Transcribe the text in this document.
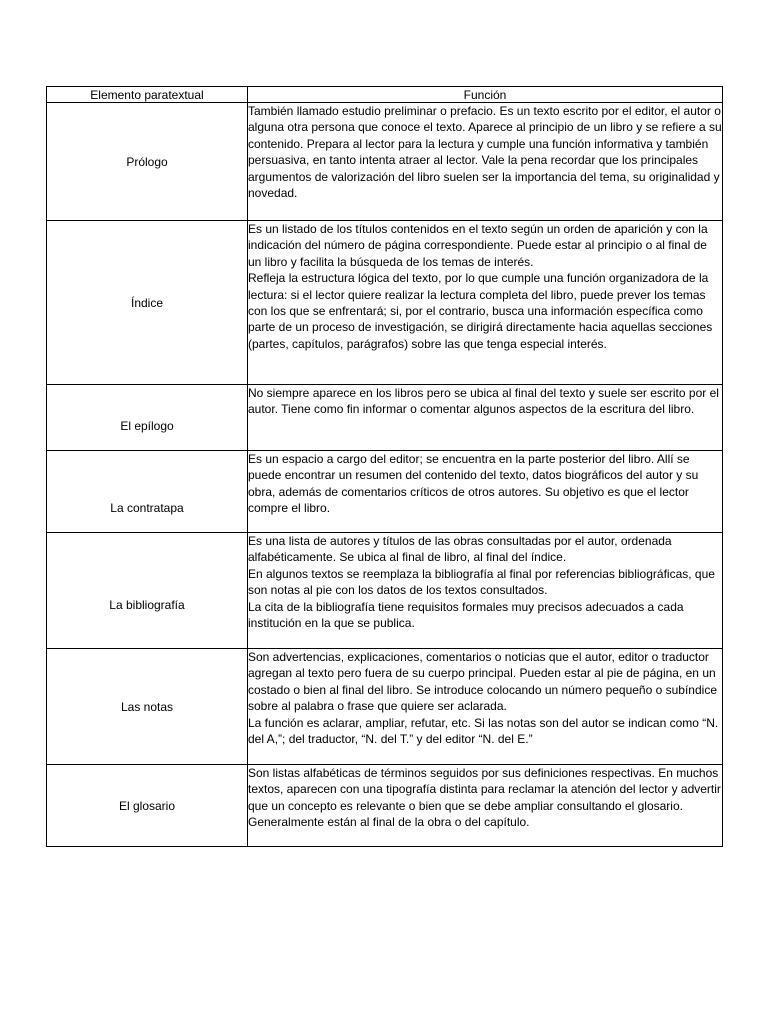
Elemento paratextual	Función
Prólogo	También llamado estudio preliminar o prefacio. Es un texto escrito por el editor, el autor o alguna otra persona que conoce el texto. Aparece al principio de un libro y se refiere a su contenido. Prepara al lector para la lectura y cumple una función informativa y también persuasiva, en tanto intenta atraer al lector. Vale la pena recordar que los principales argumentos de valorización del libro suelen ser la importancia del tema, su originalidad y novedad.
Índice	Es un listado de los títulos contenidos en el texto según un orden de aparición y con la indicación del número de página correspondiente. Puede estar al principio o al final de un libro y facilita la búsqueda de los temas de interés.
Refleja la estructura lógica del texto, por lo que cumple una función organizadora de la lectura: si el lector quiere realizar la lectura completa del libro, puede prever los temas con los que se enfrentará; si, por el contrario, busca una información específica como parte de un proceso de investigación, se dirigirá directamente hacia aquellas secciones (partes, capítulos, parágrafos) sobre las que tenga especial interés.
El epílogo	No siempre aparece en los libros pero se ubica al final del texto y suele ser escrito por el autor. Tiene como fin informar o comentar algunos aspectos de la escritura del libro.
La contratapa	Es un espacio a cargo del editor; se encuentra en la parte posterior del libro. Allí se puede encontrar un resumen del contenido del texto, datos biográficos del autor y su obra, además de comentarios críticos de otros autores. Su objetivo es que el lector compre el libro.
La bibliografía	Es una lista de autores y títulos de las obras consultadas por el autor, ordenada alfabéticamente. Se ubica al final de libro, al final del índice.
En algunos textos se reemplaza la bibliografía al final por referencias bibliográficas, que son notas al pie con los datos de los textos consultados.
La cita de la bibliografía tiene requisitos formales muy precisos adecuados a cada institución en la que se publica.
Las notas	Son advertencias, explicaciones, comentarios o noticias que el autor, editor o traductor agregan al texto pero fuera de su cuerpo principal. Pueden estar al pie de página, en un costado o bien al final del libro. Se introduce colocando un número pequeño o subíndice sobre al palabra o frase que quiere ser aclarada.
La función es aclarar, ampliar, refutar, etc. Si las notas son del autor se indican como “N. del A,”; del traductor, “N. del T.” y del editor “N. del E.”
El glosario	Son listas alfabéticas de términos seguidos por sus definiciones respectivas. En muchos textos, aparecen con una tipografía distinta para reclamar la atención del lector y advertir que un concepto es relevante o bien que se debe ampliar consultando el glosario. Generalmente están al final de la obra o del capítulo.
